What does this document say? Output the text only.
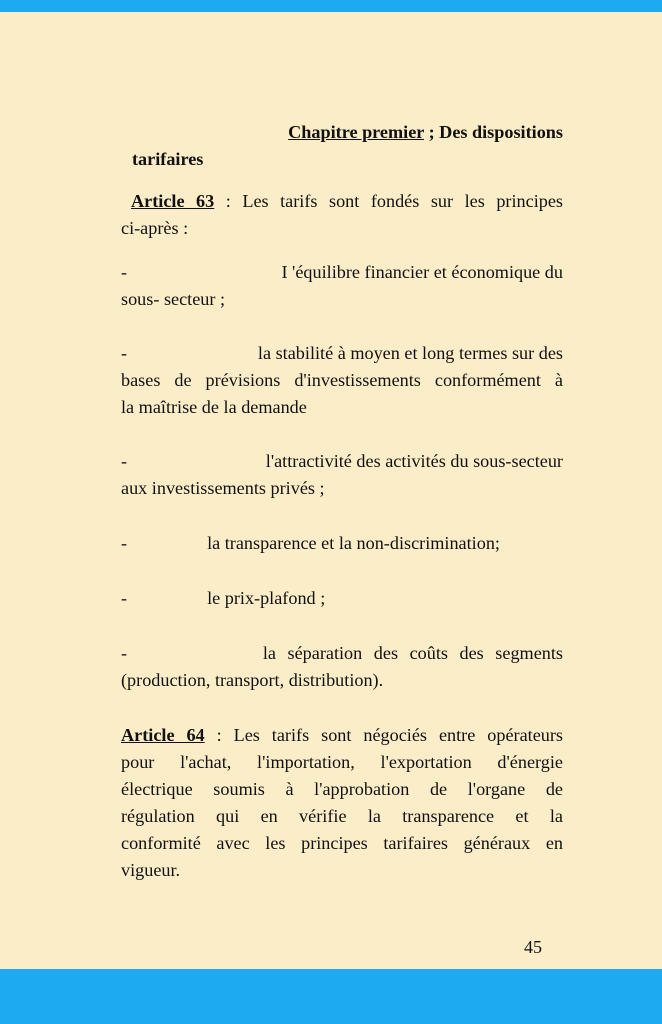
Chapitre premier ; Des dispositions
tarifaires
Article 63 : Les tarifs sont fondés sur les principes
ci-après :
-	I 'équilibre financier et économique du
sous- secteur ;
-	la stabilité à moyen et long termes sur des
bases de prévisions d'investissements conformément à
la maîtrise de la demande
-	l'attractivité des activités du sous-secteur
aux investissements privés ;
-	la transparence et la non-discrimination;
-	le prix-plafond ;
-	la séparation des coûts des segments
(production, transport, distribution).
Article 64 : Les tarifs sont négociés entre opérateurs
pour l'achat, l'importation, l'exportation d'énergie
électrique soumis à l'approbation de l'organe de
régulation qui en vérifie la transparence et la
conformité avec les principes tarifaires généraux en
vigueur.
45
